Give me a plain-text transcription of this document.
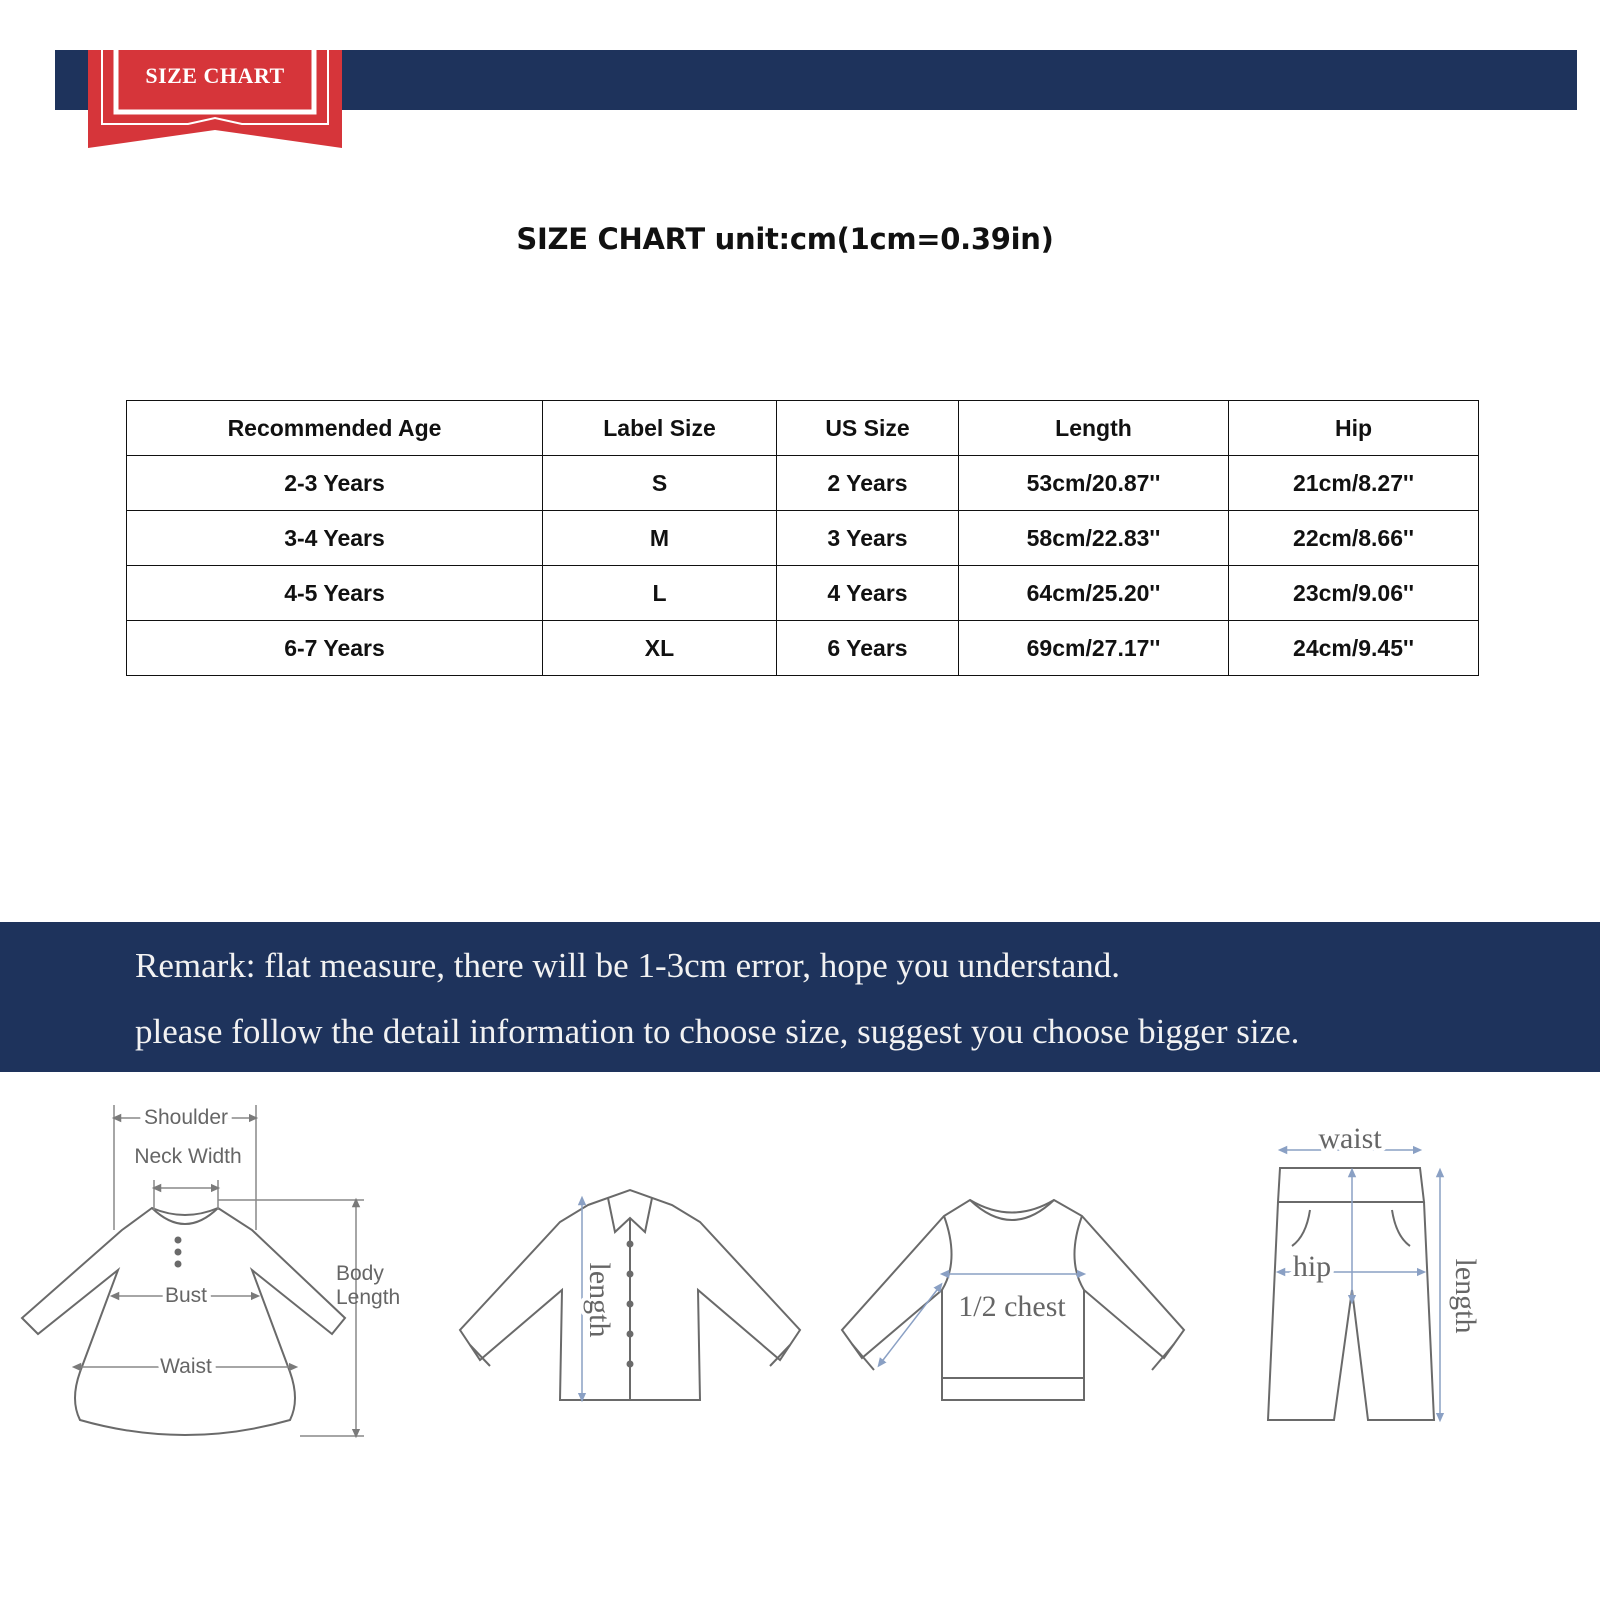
SIZE CHART
SIZE CHART unit:cm(1cm=0.39in)
Recommended Age	Label Size	US Size	Length	Hip
2-3 Years	S	2 Years	53cm/20.87''	21cm/8.27''
3-4 Years	M	3 Years	58cm/22.83''	22cm/8.66''
4-5 Years	L	4 Years	64cm/25.20''	23cm/9.06''
6-7 Years	XL	6 Years	69cm/27.17''	24cm/9.45''
Remark: flat measure, there will be 1-3cm error, hope you understand.
please follow the detail information to choose size, suggest you choose bigger size.
Shoulder
Neck Width
Bust
Waist
Body
Length	length	1/2 chest
waist
hip	length
